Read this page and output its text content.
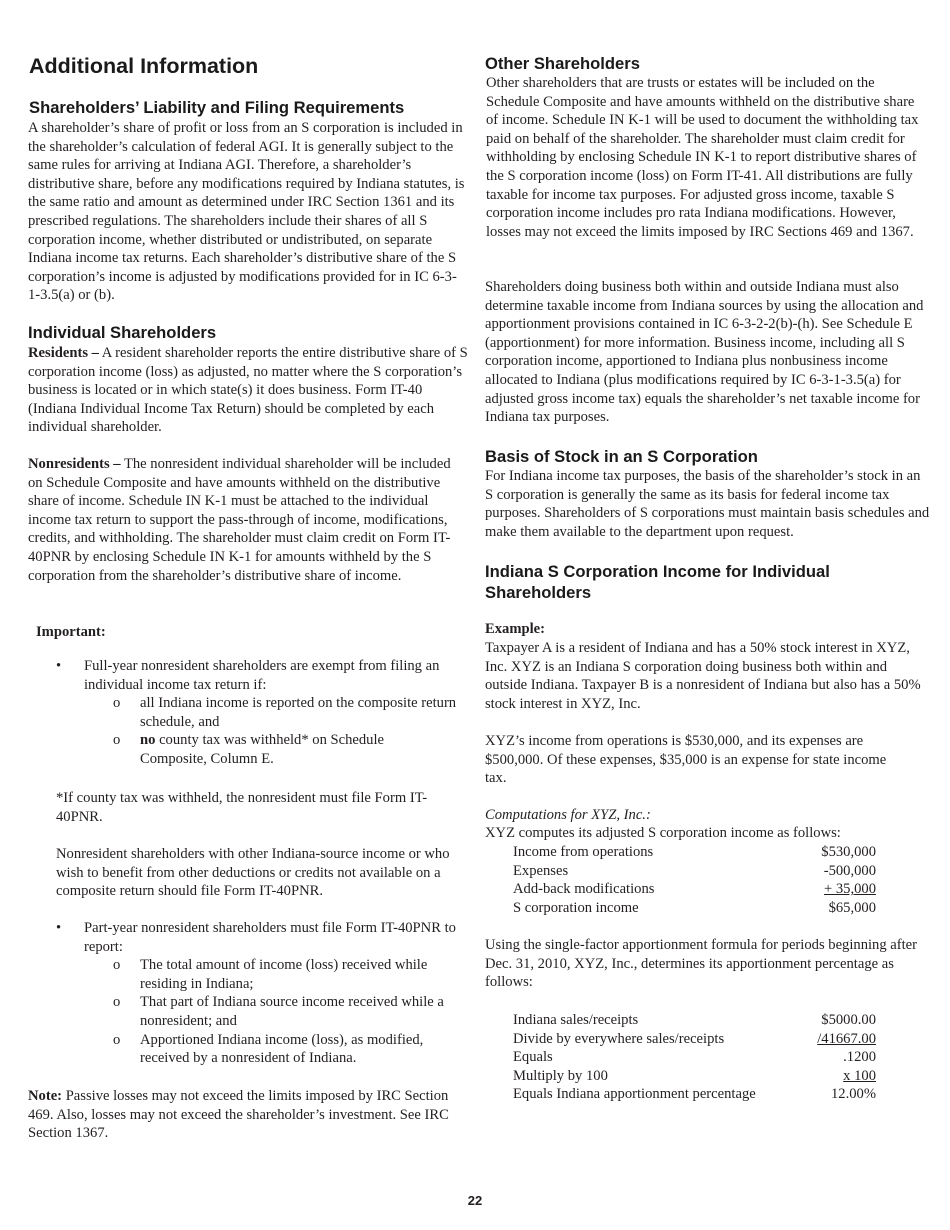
Additional Information
Shareholders’ Liability and Filing Requirements

A shareholder’s share of profit or loss from an S corporation is included in the shareholder’s calculation of federal AGI. It is generally subject to the same rules for arriving at Indiana AGI. Therefore, a shareholder’s distributive share, before any modifications required by Indiana statutes, is the same ratio and amount as determined under IRC Section 1361 and its prescribed regulations. The shareholders include their shares of all S corporation income, whether distributed or undistributed, on separate Indiana income tax returns. Each shareholder’s distributive share of the S corporation’s income is adjusted by modifications provided for in IC 6-3-1-3.5(a) or (b).

Individual Shareholders

Residents – A resident shareholder reports the entire distributive share of S corporation income (loss) as adjusted, no matter where the S corporation’s business is located or in which state(s) it does business. Form IT-40 (Indiana Individual Income Tax Return) should be completed by each individual shareholder.

Nonresidents – The nonresident individual shareholder will be included on Schedule Composite and have amounts withheld on the distributive share of income. Schedule IN K-1 must be attached to the individual income tax return to support the pass-through of income, modifications, credits, and withholding. The shareholder must claim credit on Form IT-40PNR by enclosing Schedule IN K-1 for amounts withheld by the S corporation from the shareholder’s distributive share of income.

Important:

• Full-year nonresident shareholders are exempt from filing an individual income tax return if:
o all Indiana income is reported on the composite return schedule, and
o no county tax was withheld* on Schedule Composite, Column E.

*If county tax was withheld, the nonresident must file Form IT-40PNR.

Nonresident shareholders with other Indiana-source income or who wish to benefit from other deductions or credits not available on a composite return should file Form IT-40PNR.

• Part-year nonresident shareholders must file Form IT-40PNR to report:
o The total amount of income (loss) received while residing in Indiana;
o That part of Indiana source income received while a nonresident; and
o Apportioned Indiana income (loss), as modified, received by a nonresident of Indiana.

Note: Passive losses may not exceed the limits imposed by IRC Section 469. Also, losses may not exceed the shareholder’s investment. See IRC Section 1367.

Other Shareholders

Other shareholders that are trusts or estates will be included on the Schedule Composite and have amounts withheld on the distributive share of income. Schedule IN K-1 will be used to document the withholding tax paid on behalf of the shareholder. The shareholder must claim credit for withholding by enclosing Schedule IN K-1 to report distributive shares of the S corporation income (loss) on Form IT-41. All distributions are fully taxable for income tax purposes. For adjusted gross income, taxable S corporation income includes pro rata Indiana modifications. However, losses may not exceed the limits imposed by IRC Sections 469 and 1367.

Shareholders doing business both within and outside Indiana must also determine taxable income from Indiana sources by using the allocation and apportionment provisions contained in IC 6-3-2-2(b)-(h). See Schedule E (apportionment) for more information. Business income, including all S corporation income, apportioned to Indiana plus nonbusiness income allocated to Indiana (plus modifications required by IC 6-3-1-3.5(a) for adjusted gross income tax) equals the shareholder’s net taxable income for Indiana tax purposes.

Basis of Stock in an S Corporation

For Indiana income tax purposes, the basis of the shareholder’s stock in an S corporation is generally the same as its basis for federal income tax purposes. Shareholders of S corporations must maintain basis schedules and make them available to the department upon request.

Indiana S Corporation Income for Individual Shareholders

Example:

Taxpayer A is a resident of Indiana and has a 50% stock interest in XYZ, Inc. XYZ is an Indiana S corporation doing business both within and outside Indiana. Taxpayer B is a nonresident of Indiana but also has a 50% stock interest in XYZ, Inc.

XYZ’s income from operations is $530,000, and its expenses are $500,000. Of these expenses, $35,000 is an expense for state income tax.

Computations for XYZ, Inc.:

XYZ computes its adjusted S corporation income as follows:

Income from operations	$530,000
Expenses	-500,000
Add-back modifications	+ 35,000
S corporation income	$65,000

Using the single-factor apportionment formula for periods beginning after Dec. 31, 2010, XYZ, Inc., determines its apportionment percentage as follows:

Indiana sales/receipts	$5000.00
Divide by everywhere sales/receipts	/41667.00
Equals	.1200
Multiply by 100	x 100
Equals Indiana apportionment percentage	12.00%
22
